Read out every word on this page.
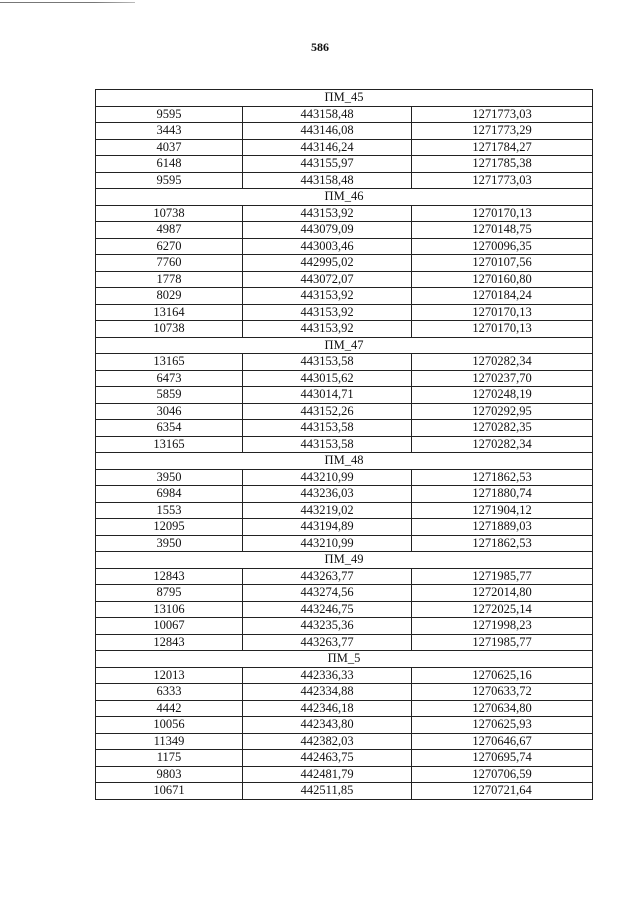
586
ПМ_45		
9595	443158,48	1271773,03
3443	443146,08	1271773,29
4037	443146,24	1271784,27
6148	443155,97	1271785,38
9595	443158,48	1271773,03
ПМ_46		
10738	443153,92	1270170,13
4987	443079,09	1270148,75
6270	443003,46	1270096,35
7760	442995,02	1270107,56
1778	443072,07	1270160,80
8029	443153,92	1270184,24
13164	443153,92	1270170,13
10738	443153,92	1270170,13
ПМ_47		
13165	443153,58	1270282,34
6473	443015,62	1270237,70
5859	443014,71	1270248,19
3046	443152,26	1270292,95
6354	443153,58	1270282,35
13165	443153,58	1270282,34
ПМ_48		
3950	443210,99	1271862,53
6984	443236,03	1271880,74
1553	443219,02	1271904,12
12095	443194,89	1271889,03
3950	443210,99	1271862,53
ПМ_49		
12843	443263,77	1271985,77
8795	443274,56	1272014,80
13106	443246,75	1272025,14
10067	443235,36	1271998,23
12843	443263,77	1271985,77
ПМ_5		
12013	442336,33	1270625,16
6333	442334,88	1270633,72
4442	442346,18	1270634,80
10056	442343,80	1270625,93
11349	442382,03	1270646,67
1175	442463,75	1270695,74
9803	442481,79	1270706,59
10671	442511,85	1270721,64
